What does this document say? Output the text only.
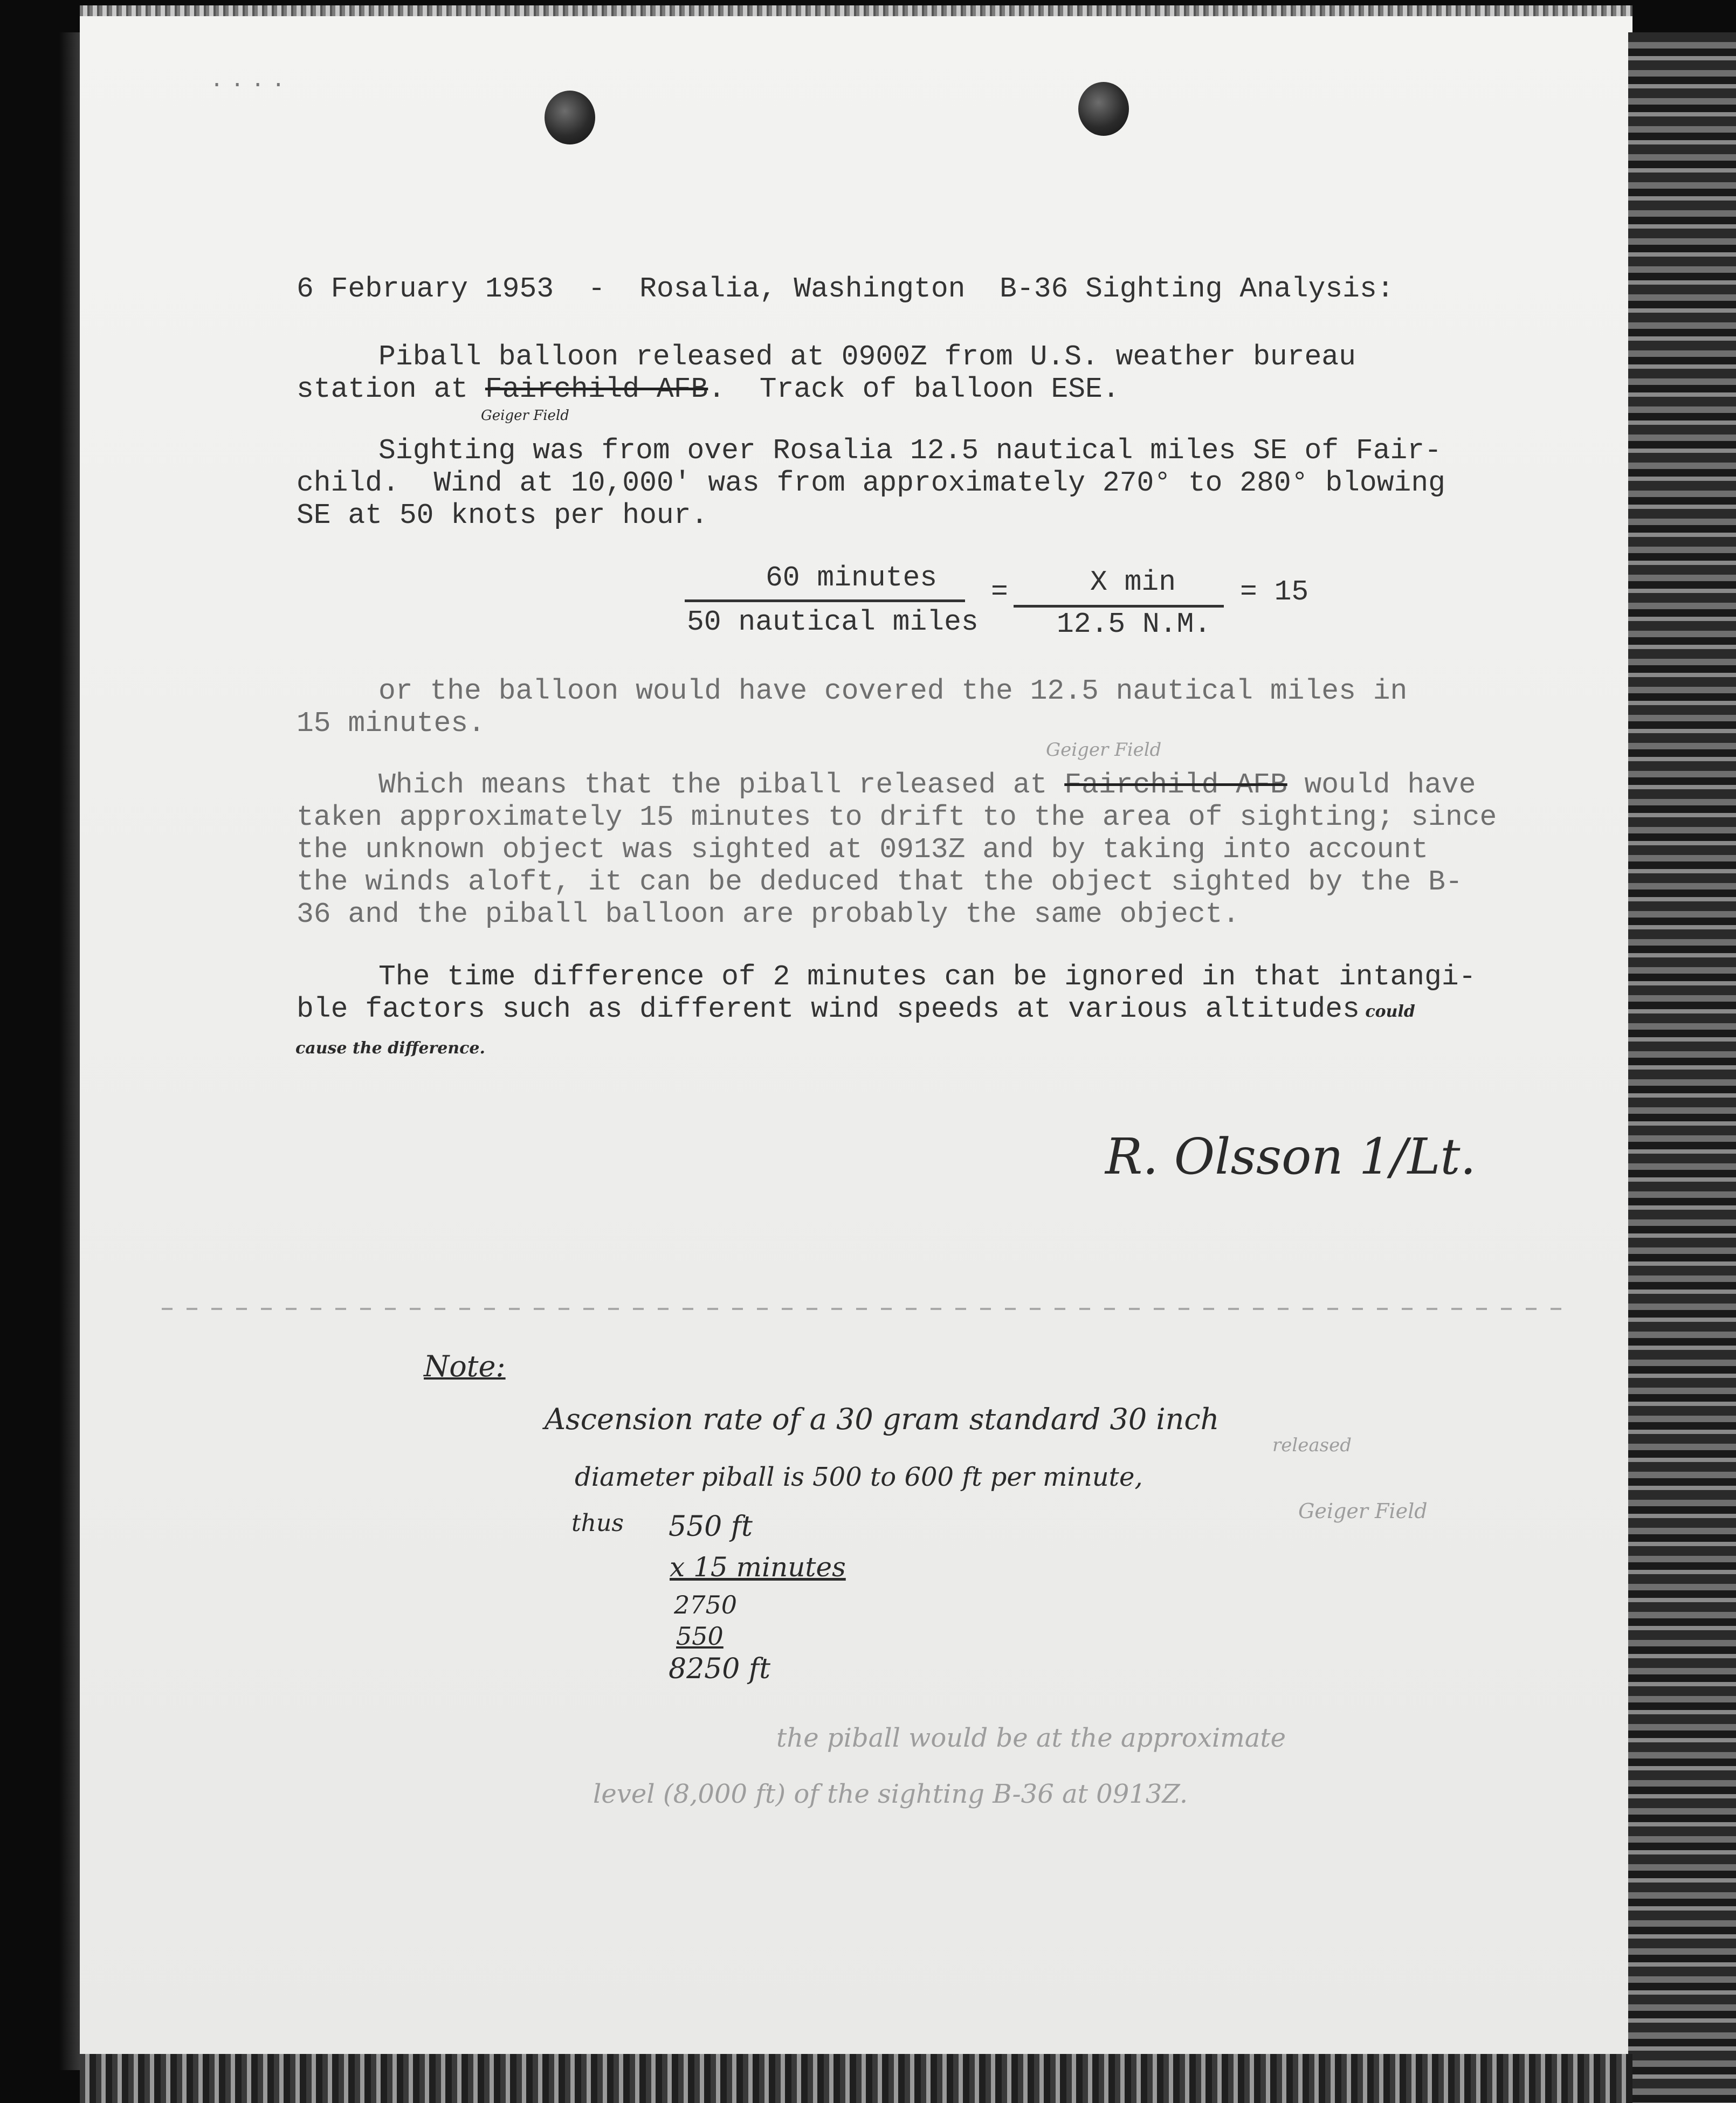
....
6 February 1953 - Rosalia, Washington B-36 Sighting Analysis:
Piball balloon released at 0900Z from U.S. weather bureau
station at Fairchild AFB.  Track of balloon ESE.
Geiger Field
Sighting was from over Rosalia 12.5 nautical miles SE of Fair-
child.  Wind at 10,000' was from approximately 270° to 280° blowing
SE at 50 knots per hour.
60 minutes
50 nautical miles
=	X min
12.5 N.M.
= 15
or the balloon would have covered the 12.5 nautical miles in
15 minutes.
Geiger Field
Which means that the piball released at Fairchild AFB would have
taken approximately 15 minutes to drift to the area of sighting; since
the unknown object was sighted at 0913Z and by taking into account
the winds aloft, it can be deduced that the object sighted by the B-
36 and the piball balloon are probably the same object.
The time difference of 2 minutes can be ignored in that intangi-
ble factors such as different wind speeds at various altitudes could
cause the difference.
R. Olsson 1/Lt.
Note:
Ascension rate of a 30 gram standard 30 inch
released
diameter piball is 500 to 600 ft per minute,
Geiger Field
thus 550 ft
x 15 minutes
2750
550
8250 ft
the piball would be at the approximate
level (8,000 ft) of the sighting B-36 at 0913Z.
